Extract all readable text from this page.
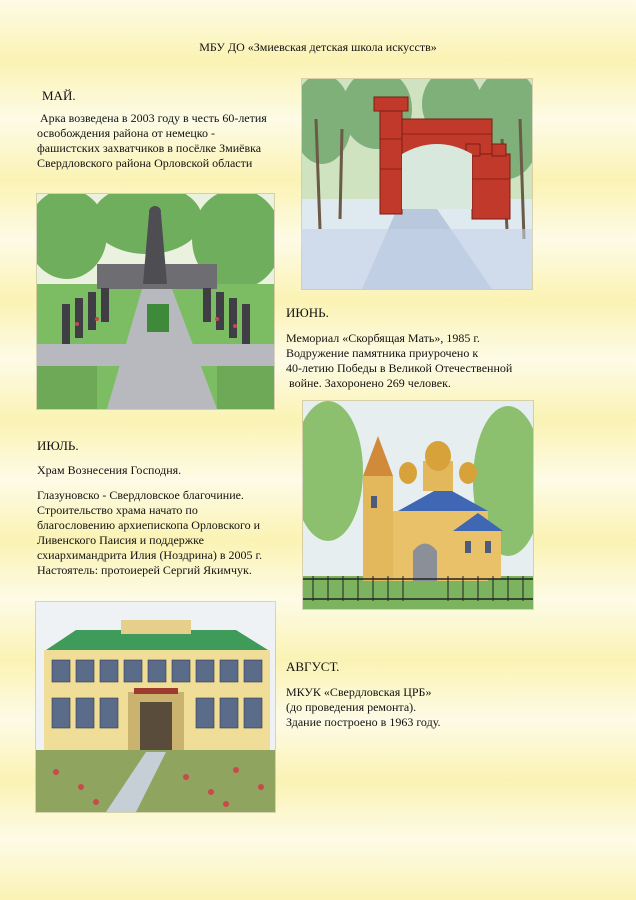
МБУ ДО «Змиевская детская школа искусств»
МАЙ.
Арка возведена в 2003 году в честь 60-летия
освобождения района от немецко -
фашистских захватчиков в посёлке Змиёвка
Свердловского района Орловской области
ИЮНЬ.
Мемориал «Скорбящая Мать», 1985 г.
Водружение памятника приурочено к
40-летию Победы в Великой Отечественной
войне. Захоронено 269 человек.
ИЮЛЬ.
Храм Вознесения Господня.
Глазуновско - Свердловское благочиние.
Строительство храма начато по
благословению архиепископа Орловского и
Ливенского Паисия и поддержке
схиархимандрита Илия (Ноздрина) в 2005 г.
Настоятель: протоиерей Сергий Якимчук.
АВГУСТ.
МКУК «Свердловская ЦРБ»
(до проведения ремонта).
Здание построено в 1963 году.
